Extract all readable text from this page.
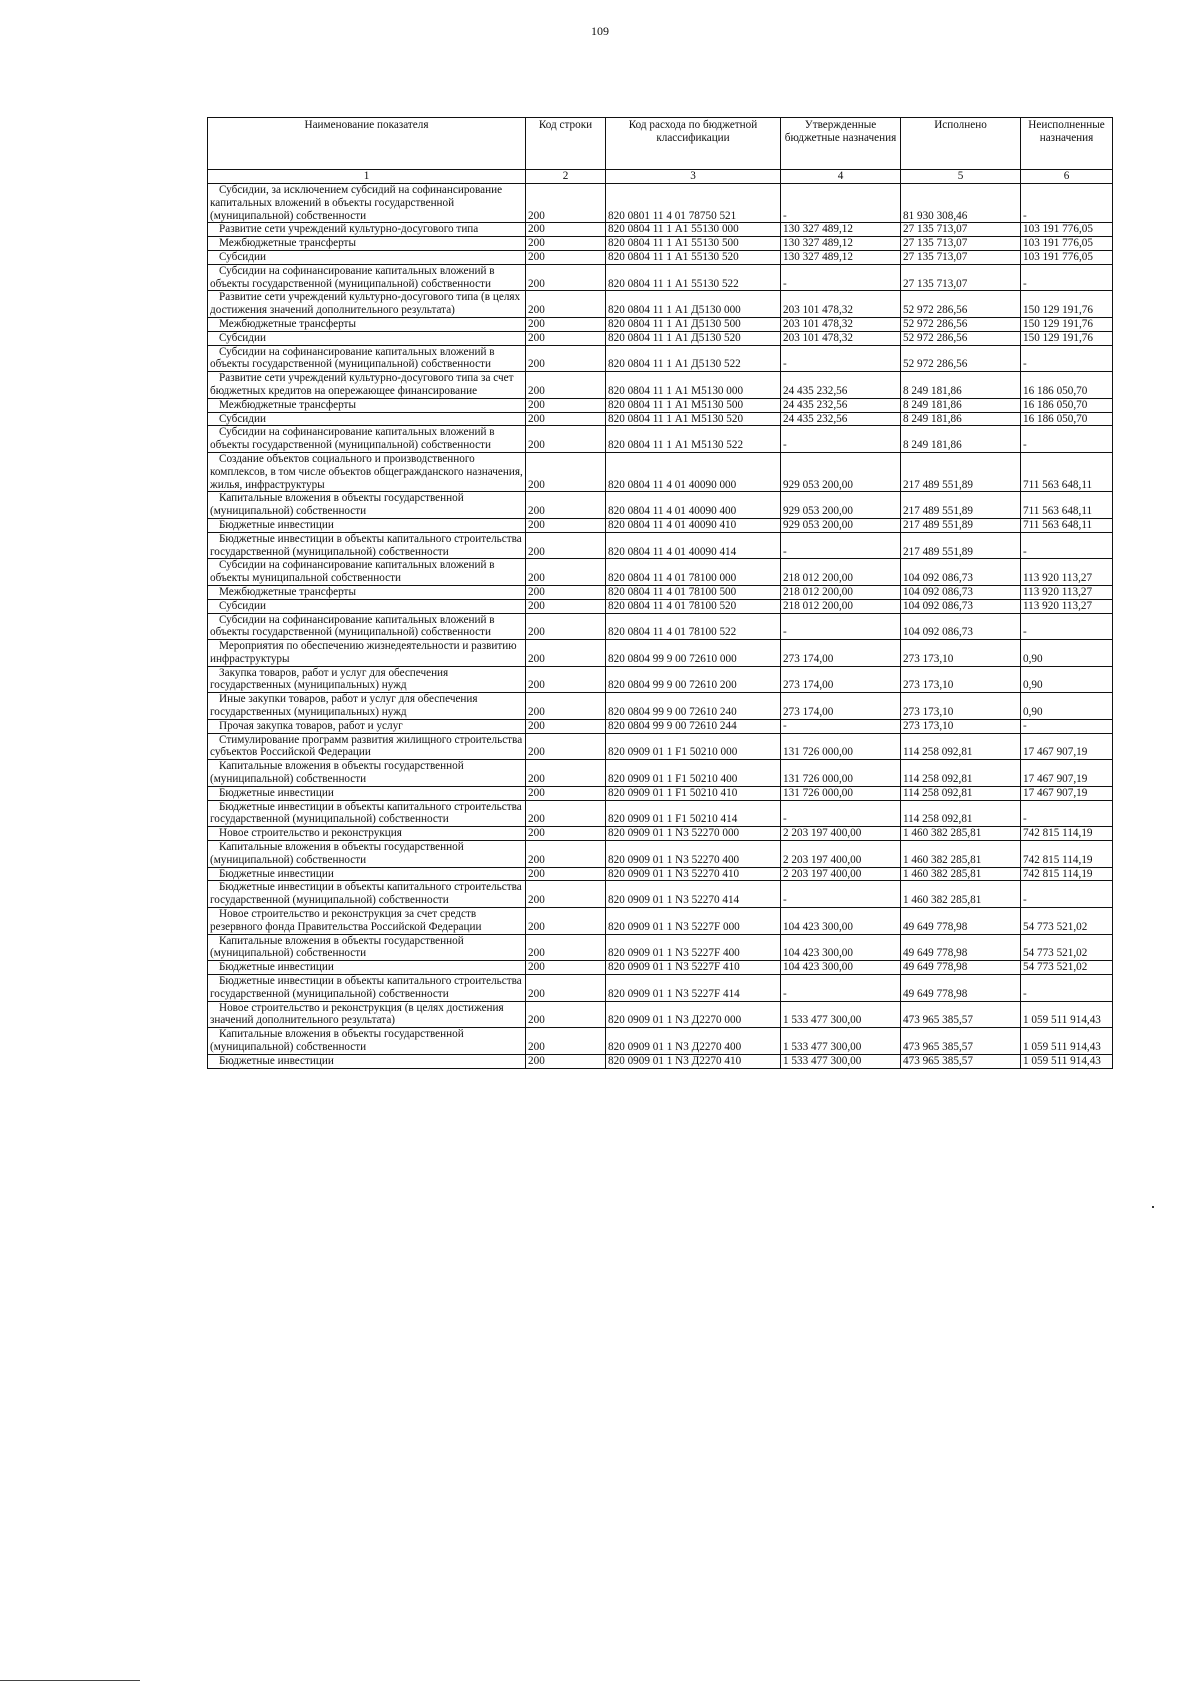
109
Наименование показателя	Код строки	Код расхода по бюджетной классификации	Утвержденные бюджетные назначения	Исполнено	Неисполненные назначения
1	2	3	4	5	6
Субсидии, за исключением субсидий на софинансирование капитальных вложений в объекты государственной (муниципальной) собственности	200	820 0801 11 4 01 78750 521	-	81 930 308,46	-
Развитие сети учреждений культурно-досугового типа	200	820 0804 11 1 А1 55130 000	130 327 489,12	27 135 713,07	103 191 776,05
Межбюджетные трансферты	200	820 0804 11 1 А1 55130 500	130 327 489,12	27 135 713,07	103 191 776,05
Субсидии	200	820 0804 11 1 А1 55130 520	130 327 489,12	27 135 713,07	103 191 776,05
Субсидии на софинансирование капитальных вложений в объекты государственной (муниципальной) собственности	200	820 0804 11 1 А1 55130 522	-	27 135 713,07	-
Развитие сети учреждений культурно-досугового типа (в целях достижения значений дополнительного результата)	200	820 0804 11 1 А1 Д5130 000	203 101 478,32	52 972 286,56	150 129 191,76
Межбюджетные трансферты	200	820 0804 11 1 А1 Д5130 500	203 101 478,32	52 972 286,56	150 129 191,76
Субсидии	200	820 0804 11 1 А1 Д5130 520	203 101 478,32	52 972 286,56	150 129 191,76
Субсидии на софинансирование капитальных вложений в объекты государственной (муниципальной) собственности	200	820 0804 11 1 А1 Д5130 522	-	52 972 286,56	-
Развитие сети учреждений культурно-досугового типа за счет бюджетных кредитов на опережающее финансирование	200	820 0804 11 1 А1 М5130 000	24 435 232,56	8 249 181,86	16 186 050,70
Межбюджетные трансферты	200	820 0804 11 1 А1 М5130 500	24 435 232,56	8 249 181,86	16 186 050,70
Субсидии	200	820 0804 11 1 А1 М5130 520	24 435 232,56	8 249 181,86	16 186 050,70
Субсидии на софинансирование капитальных вложений в объекты государственной (муниципальной) собственности	200	820 0804 11 1 А1 М5130 522	-	8 249 181,86	-
Создание объектов социального и производственного комплексов, в том числе объектов общегражданского назначения, жилья, инфраструктуры	200	820 0804 11 4 01 40090 000	929 053 200,00	217 489 551,89	711 563 648,11
Капитальные вложения в объекты государственной (муниципальной) собственности	200	820 0804 11 4 01 40090 400	929 053 200,00	217 489 551,89	711 563 648,11
Бюджетные инвестиции	200	820 0804 11 4 01 40090 410	929 053 200,00	217 489 551,89	711 563 648,11
Бюджетные инвестиции в объекты капитального строительства государственной (муниципальной) собственности	200	820 0804 11 4 01 40090 414	-	217 489 551,89	-
Субсидии на софинансирование капитальных вложений в объекты муниципальной собственности	200	820 0804 11 4 01 78100 000	218 012 200,00	104 092 086,73	113 920 113,27
Межбюджетные трансферты	200	820 0804 11 4 01 78100 500	218 012 200,00	104 092 086,73	113 920 113,27
Субсидии	200	820 0804 11 4 01 78100 520	218 012 200,00	104 092 086,73	113 920 113,27
Субсидии на софинансирование капитальных вложений в объекты государственной (муниципальной) собственности	200	820 0804 11 4 01 78100 522	-	104 092 086,73	-
Мероприятия по обеспечению жизнедеятельности и развитию инфраструктуры	200	820 0804 99 9 00 72610 000	273 174,00	273 173,10	0,90
Закупка товаров, работ и услуг для обеспечения государственных (муниципальных) нужд	200	820 0804 99 9 00 72610 200	273 174,00	273 173,10	0,90
Иные закупки товаров, работ и услуг для обеспечения государственных (муниципальных) нужд	200	820 0804 99 9 00 72610 240	273 174,00	273 173,10	0,90
Прочая закупка товаров, работ и услуг	200	820 0804 99 9 00 72610 244	-	273 173,10	-
Стимулирование программ развития жилищного строительства субъектов Российской Федерации	200	820 0909 01 1 F1 50210 000	131 726 000,00	114 258 092,81	17 467 907,19
Капитальные вложения в объекты государственной (муниципальной) собственности	200	820 0909 01 1 F1 50210 400	131 726 000,00	114 258 092,81	17 467 907,19
Бюджетные инвестиции	200	820 0909 01 1 F1 50210 410	131 726 000,00	114 258 092,81	17 467 907,19
Бюджетные инвестиции в объекты капитального строительства государственной (муниципальной) собственности	200	820 0909 01 1 F1 50210 414	-	114 258 092,81	-
Новое строительство и реконструкция	200	820 0909 01 1 N3 52270 000	2 203 197 400,00	1 460 382 285,81	742 815 114,19
Капитальные вложения в объекты государственной (муниципальной) собственности	200	820 0909 01 1 N3 52270 400	2 203 197 400,00	1 460 382 285,81	742 815 114,19
Бюджетные инвестиции	200	820 0909 01 1 N3 52270 410	2 203 197 400,00	1 460 382 285,81	742 815 114,19
Бюджетные инвестиции в объекты капитального строительства государственной (муниципальной) собственности	200	820 0909 01 1 N3 52270 414	-	1 460 382 285,81	-
Новое строительство и реконструкция за счет средств резервного фонда Правительства Российской Федерации	200	820 0909 01 1 N3 5227F 000	104 423 300,00	49 649 778,98	54 773 521,02
Капитальные вложения в объекты государственной (муниципальной) собственности	200	820 0909 01 1 N3 5227F 400	104 423 300,00	49 649 778,98	54 773 521,02
Бюджетные инвестиции	200	820 0909 01 1 N3 5227F 410	104 423 300,00	49 649 778,98	54 773 521,02
Бюджетные инвестиции в объекты капитального строительства государственной (муниципальной) собственности	200	820 0909 01 1 N3 5227F 414	-	49 649 778,98	-
Новое строительство и реконструкция (в целях достижения значений дополнительного результата)	200	820 0909 01 1 N3 Д2270 000	1 533 477 300,00	473 965 385,57	1 059 511 914,43
Капитальные вложения в объекты государственной (муниципальной) собственности	200	820 0909 01 1 N3 Д2270 400	1 533 477 300,00	473 965 385,57	1 059 511 914,43
Бюджетные инвестиции	200	820 0909 01 1 N3 Д2270 410	1 533 477 300,00	473 965 385,57	1 059 511 914,43
